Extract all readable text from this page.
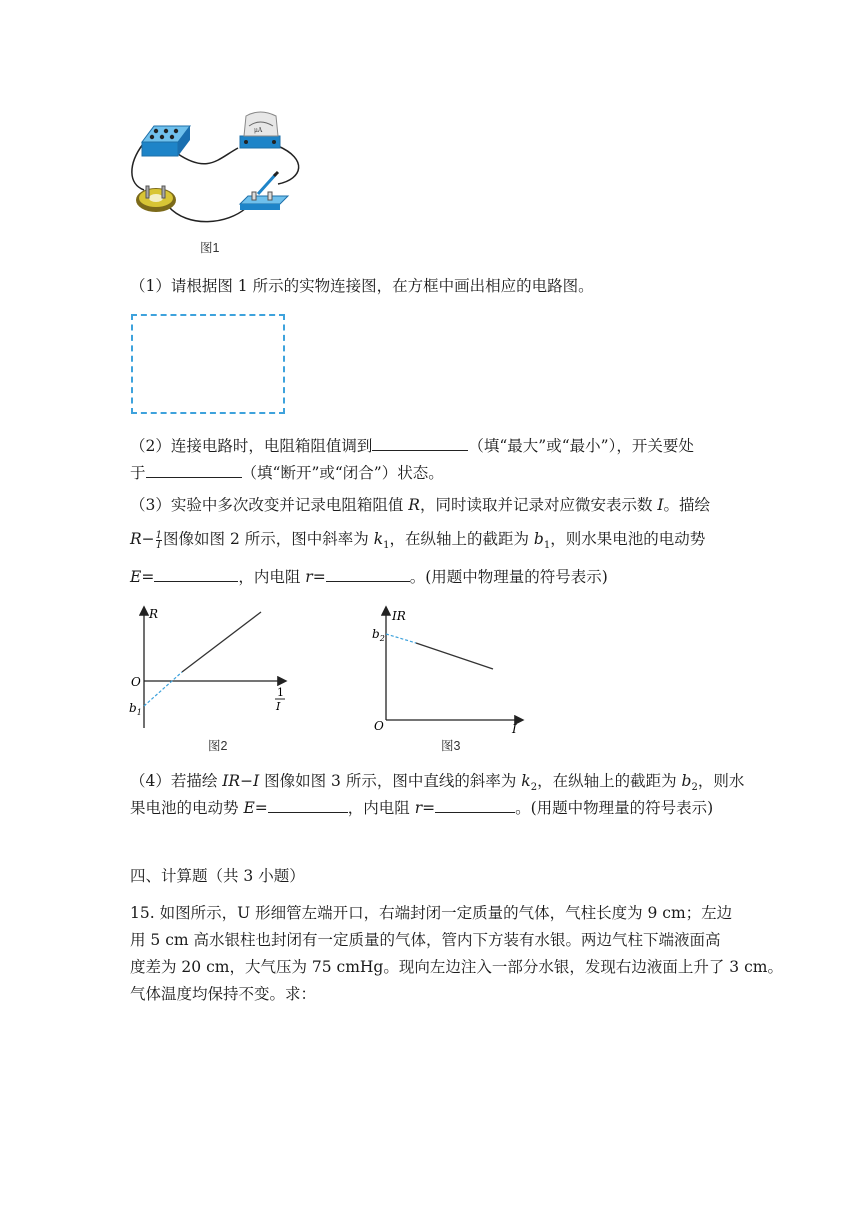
μA
图1
（1）请根据图 1 所示的实物连接图，在方框中画出相应的电路图。
（2）连接电路时，电阻箱阻值调到	（填“最大”或“最小”），开关要处
于	（填“断开”或“闭合”）状态。
（3）实验中多次改变并记录电阻箱阻值 R，同时读取并记录对应微安表示数 I。描绘
$R- \frac{1}{I}$ 图像如图 2 所示，图中斜率为 $k_1$，在纵轴上的截距为 $b_1$，则水果电池的电动势
E=	，内电阻 r=	。(用题中物理量的符号表示)
R
O
$b_1$
1
I
图2
IR
O
$b_2$
I
图3
（4）若描绘 IR−I 图像如图 3 所示，图中直线的斜率为 $k_2$，在纵轴上的截距为 $b_2$，则水
果电池的电动势 E=	，内电阻 r=	。(用题中物理量的符号表示)
四、计算题（共 3 小题）
15. 如图所示，U 形细管左端开口，右端封闭一定质量的气体，气柱长度为 9 cm；左边
用 5 cm 高水银柱也封闭有一定质量的气体，管内下方装有水银。两边气柱下端液面高
度差为 20 cm，大气压为 75 cmHg。现向左边注入一部分水银，发现右边液面上升了 3 cm。
气体温度均保持不变。求：
